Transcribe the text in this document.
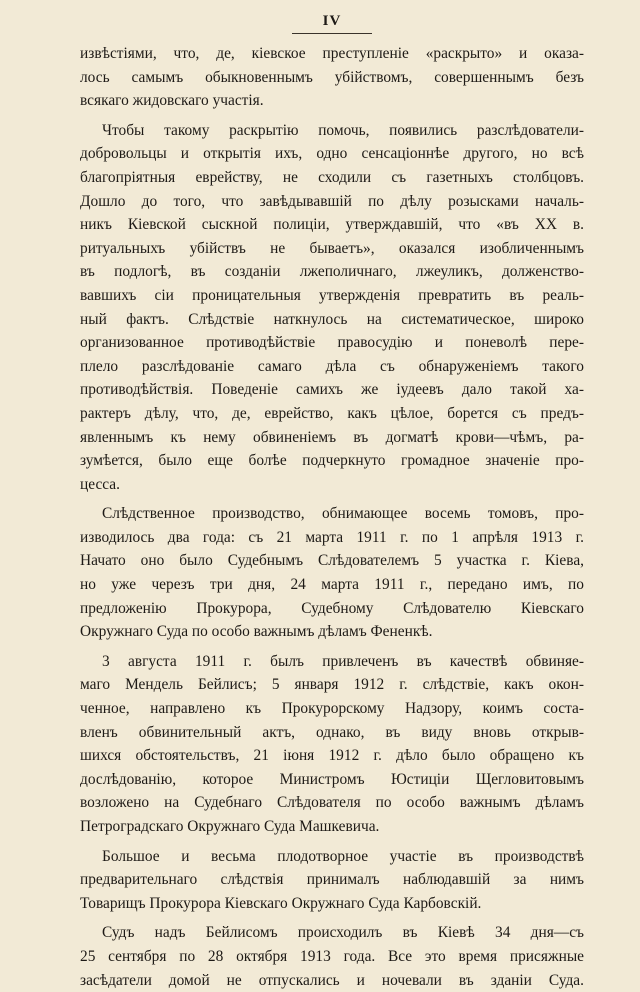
IV
извѣстіями, что, де, кіевское преступленіе «раскрыто» и оказа-
лось самымъ обыкновеннымъ убійствомъ, совершеннымъ безъ
всякаго жидовскаго участія.
Чтобы такому раскрытію помочь, появились разслѣдователи-
добровольцы и открытія ихъ, одно сенсаціоннѣе другого, но всѣ
благопріятныя еврейству, не сходили съ газетныхъ столбцовъ.
Дошло до того, что завѣдывавшій по дѣлу розысками началь-
никъ Кіевской сыскной полиціи, утверждавшій, что «въ XX в.
ритуальныхъ убійствъ не бываетъ», оказался изобличеннымъ
въ подлогѣ, въ созданіи лжеполичнаго, лжеуликъ, долженство-
вавшихъ сіи проницательныя утвержденія превратить въ реаль-
ный фактъ. Слѣдствіе наткнулось на систематическое, широко
организованное противодѣйствіе правосудію и поневолѣ пере-
плело разслѣдованіе самаго дѣла съ обнаруженіемъ такого
противодѣйствія. Поведеніе самихъ же іудеевъ дало такой ха-
рактеръ дѣлу, что, де, еврейство, какъ цѣлое, борется съ предъ-
явленнымъ къ нему обвиненіемъ въ догматѣ крови—чѣмъ, ра-
зумѣется, было еще болѣе подчеркнуто громадное значеніе про-
цесса.
Слѣдственное производство, обнимающее восемь томовъ, про-
изводилось два года: съ 21 марта 1911 г. по 1 апрѣля 1913 г.
Начато оно было Судебнымъ Слѣдователемъ 5 участка г. Кіева,
но уже черезъ три дня, 24 марта 1911 г., передано имъ, по
предложенію Прокурора, Судебному Слѣдователю Кіевскаго
Окружнаго Суда по особо важнымъ дѣламъ Фененкѣ.
3 августа 1911 г. былъ привлеченъ въ качествѣ обвиняе-
маго Мендель Бейлисъ; 5 января 1912 г. слѣдствіе, какъ окон-
ченное, направлено къ Прокурорскому Надзору, коимъ соста-
вленъ обвинительный актъ, однако, въ виду вновь открыв-
шихся обстоятельствъ, 21 іюня 1912 г. дѣло было обращено къ
дослѣдованію, которое Министромъ Юстиціи Щегловитовымъ
возложено на Судебнаго Слѣдователя по особо важнымъ дѣламъ
Петроградскаго Окружнаго Суда Машкевича.
Большое и весьма плодотворное участіе въ производствѣ
предварительнаго слѣдствія принималъ наблюдавшій за нимъ
Товарищъ Прокурора Кіевскаго Окружнаго Суда Карбовскій.
Судъ надъ Бейлисомъ происходилъ въ Кіевѣ 34 дня—съ
25 сентября по 28 октября 1913 года. Все это время присяжные
засѣдатели домой не отпускались и ночевали въ зданіи Суда.
